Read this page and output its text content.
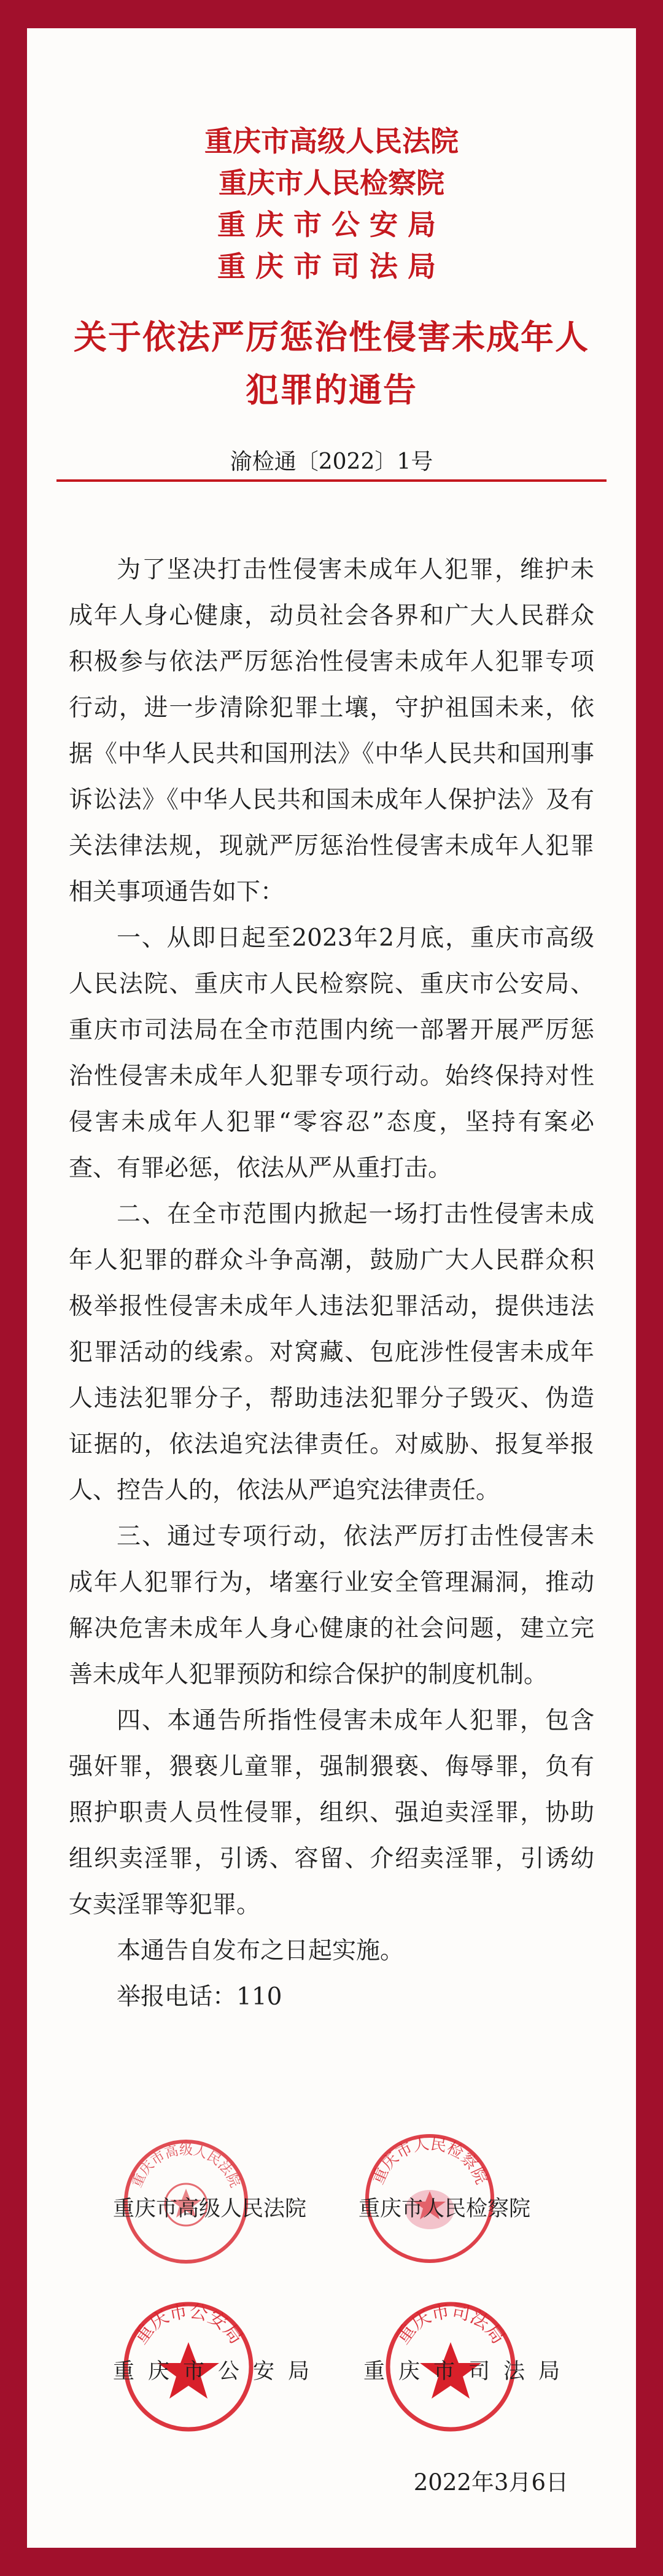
重庆市高级人民法院
重庆市人民检察院
重庆市公安局
重庆市司法局
关于依法严厉惩治性侵害未成年人
犯罪的通告
渝检通〔2022〕1号

为了坚决打击性侵害未成年人犯罪，维护未成年人身心健康，动员社会各界和广大人民群众积极参与依法严厉惩治性侵害未成年人犯罪专项行动，进一步清除犯罪土壤，守护祖国未来，依据《中华人民共和国刑法》《中华人民共和国刑事诉讼法》《中华人民共和国未成年人保护法》及有关法律法规，现就严厉惩治性侵害未成年人犯罪相关事项通告如下：

一、从即日起至2023年2月底，重庆市高级人民法院、重庆市人民检察院、重庆市公安局、重庆市司法局在全市范围内统一部署开展严厉惩治性侵害未成年人犯罪专项行动。始终保持对性侵害未成年人犯罪“零容忍”态度，坚持有案必查、有罪必惩，依法从严从重打击。

二、在全市范围内掀起一场打击性侵害未成年人犯罪的群众斗争高潮，鼓励广大人民群众积极举报性侵害未成年人违法犯罪活动，提供违法犯罪活动的线索。对窝藏、包庇涉性侵害未成年人违法犯罪分子，帮助违法犯罪分子毁灭、伪造证据的，依法追究法律责任。对威胁、报复举报人、控告人的，依法从严追究法律责任。

三、通过专项行动，依法严厉打击性侵害未成年人犯罪行为，堵塞行业安全管理漏洞，推动解决危害未成年人身心健康的社会问题，建立完善未成年人犯罪预防和综合保护的制度机制。

四、本通告所指性侵害未成年人犯罪，包含强奸罪，猥亵儿童罪，强制猥亵、侮辱罪，负有照护职责人员性侵罪，组织、强迫卖淫罪，协助组织卖淫罪，引诱、容留、介绍卖淫罪，引诱幼女卖淫罪等犯罪。

本通告自发布之日起实施。

举报电话：110

重庆市高级人民法院	重庆市人民检察院
重庆市公安局	重庆市司法局
重庆市高级人民法院 重庆市人民检察院
重庆市公安局 重庆市司法局
2022年3月6日
